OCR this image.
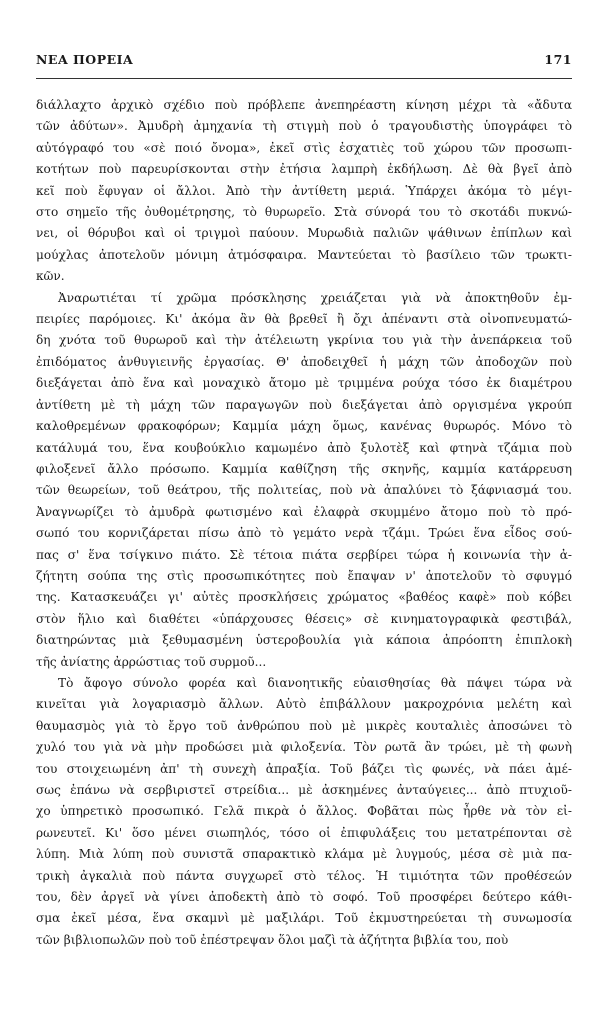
ΝΕΑ ΠΟΡΕΙΑ	171
διάλλαχτο ἀρχικὸ σχέδιο ποὺ πρόβλεπε ἀνεπηρέαστη κίνηση μέχρι τὰ «ἄδυτα
τῶν ἀδύτων». Ἀμυδρὴ ἀμηχανία τὴ στιγμὴ ποὺ ὁ τραγουδιστὴς ὑπογράφει τὸ
αὐτόγραφό του «σὲ ποιό ὄνομα», ἐκεῖ στὶς ἐσχατιὲς τοῦ χώρου τῶν προσωπι-
κοτήτων ποὺ παρευρίσκονται στὴν ἐτήσια λαμπρὴ ἐκδήλωση. Δὲ θὰ βγεῖ ἀπὸ
κεῖ ποὺ ἔφυγαν οἱ ἄλλοι. Ἀπὸ τὴν ἀντίθετη μεριά. Ὑπάρχει ἀκόμα τὸ μέγι-
στο σημεῖο τῆς ὀυθομέτρησης, τὸ θυρωρεῖο. Στὰ σύνορά του τὸ σκοτάδι πυκνώ-
νει, οἱ θόρυβοι καὶ οἱ τριγμοὶ παύουν. Μυρωδιὰ παλιῶν ψάθινων ἐπίπλων καὶ
μούχλας ἀποτελοῦν μόνιμη ἀτμόσφαιρα. Μαντεύεται τὸ βασίλειο τῶν τρωκτι-
κῶν.
Ἀναρωτιέται τί χρῶμα πρόσκλησης χρειάζεται γιὰ νὰ ἀποκτηθοῦν ἐμ-
πειρίες παρόμοιες. Κι' ἀκόμα ἂν θὰ βρεθεῖ ἢ ὄχι ἀπέναντι στὰ οἰνοπνευματώ-
δη χνότα τοῦ θυρωροῦ καὶ τὴν ἀτέλειωτη γκρίνια του γιὰ τὴν ἀνεπάρκεια τοῦ
ἐπιδόματος ἀνθυγιεινῆς ἐργασίας. Θ' ἀποδειχθεῖ ἡ μάχη τῶν ἀποδοχῶν ποὺ
διεξάγεται ἀπὸ ἕνα καὶ μοναχικὸ ἄτομο μὲ τριμμένα ρούχα τόσο ἐκ διαμέτρου
ἀντίθετη μὲ τὴ μάχη τῶν παραγωγῶν ποὺ διεξάγεται ἀπὸ οργισμένα γκρούπ
καλοθρεμένων φρακοφόρων; Καμμία μάχη ὅμως, κανένας θυρωρός. Μόνο τὸ
κατάλυμά του, ἕνα κουβούκλιο καμωμένο ἀπὸ ξυλοτὲξ καὶ φτηνὰ τζάμια ποὺ
φιλοξενεῖ ἄλλο πρόσωπο. Καμμία καθίζηση τῆς σκηνῆς, καμμία κατάρρευση
τῶν θεωρείων, τοῦ θεάτρου, τῆς πολιτείας, ποὺ νὰ ἀπαλύνει τὸ ξάφνιασμά του.
Ἀναγνωρίζει τὸ ἀμυδρὰ φωτισμένο καὶ ἐλαφρὰ σκυμμένο ἄτομο ποὺ τὸ πρό-
σωπό του κορνιζάρεται πίσω ἀπὸ τὸ γεμάτο νερὰ τζάμι. Τρώει ἕνα εἶδος σού-
πας σ' ἕνα τσίγκινο πιάτο. Σὲ τέτοια πιάτα σερβίρει τώρα ἡ κοινωνία τὴν ἀ-
ζήτητη σούπα της στὶς προσωπικότητες ποὺ ἔπαψαν ν' ἀποτελοῦν τὸ σφυγμό
της. Κατασκευάζει γι' αὐτὲς προσκλήσεις χρώματος «βαθέος καφὲ» ποὺ κόβει
στὸν ἥλιο καὶ διαθέτει «ὑπάρχουσες θέσεις» σὲ κινηματογραφικὰ φεστιβάλ,
διατηρώντας μιὰ ξεθυμασμένη ὑστεροβουλία γιὰ κάποια ἀπρόοπτη ἐπιπλοκὴ
τῆς ἀνίατης ἀρρώστιας τοῦ συρμοῦ...
Τὸ ἄφογο σύνολο φορέα καὶ διανοητικῆς εὐαισθησίας θὰ πάψει τώρα νὰ
κινεῖται γιὰ λογαριασμὸ ἄλλων. Αὐτὸ ἐπιβάλλουν μακροχρόνια μελέτη καὶ
θαυμασμὸς γιὰ τὸ ἔργο τοῦ ἀνθρώπου ποὺ μὲ μικρὲς κουταλιὲς ἀποσώνει τὸ
χυλό του γιὰ νὰ μὴν προδώσει μιὰ φιλοξενία. Τὸν ρωτᾶ ἂν τρώει, μὲ τὴ φωνὴ
του στοιχειωμένη ἀπ' τὴ συνεχὴ ἀπραξία. Τοῦ βάζει τὶς φωνές, νὰ πάει ἀμέ-
σως ἐπάνω νὰ σερβιριστεῖ στρείδια... μὲ ἀσκημένες ἀνταύγειες... ἀπὸ πτυχιοῦ-
χο ὑπηρετικὸ προσωπικό. Γελᾶ πικρὰ ὁ ἄλλος. Φοβᾶται πὼς ἦρθε νὰ τὸν εἰ-
ρωνευτεῖ. Κι' ὅσο μένει σιωπηλός, τόσο οἱ ἐπιφυλάξεις του μετατρέπονται σὲ
λύπη. Μιὰ λύπη ποὺ συνιστᾶ σπαρακτικὸ κλάμα μὲ λυγμούς, μέσα σὲ μιὰ πα-
τρικὴ ἀγκαλιὰ ποὺ πάντα συγχωρεῖ στὸ τέλος. Ἡ τιμιότητα τῶν προθέσεών
του, δὲν ἀργεῖ νὰ γίνει ἀποδεκτὴ ἀπὸ τὸ σοφό. Τοῦ προσφέρει δεύτερο κάθι-
σμα ἐκεῖ μέσα, ἕνα σκαμνὶ μὲ μαξιλάρι. Τοῦ ἐκμυστηρεύεται τὴ συνωμοσία
τῶν βιβλιοπωλῶν ποὺ τοῦ ἐπέστρεψαν ὅλοι μαζὶ τὰ ἀζήτητα βιβλία του, ποὺ
